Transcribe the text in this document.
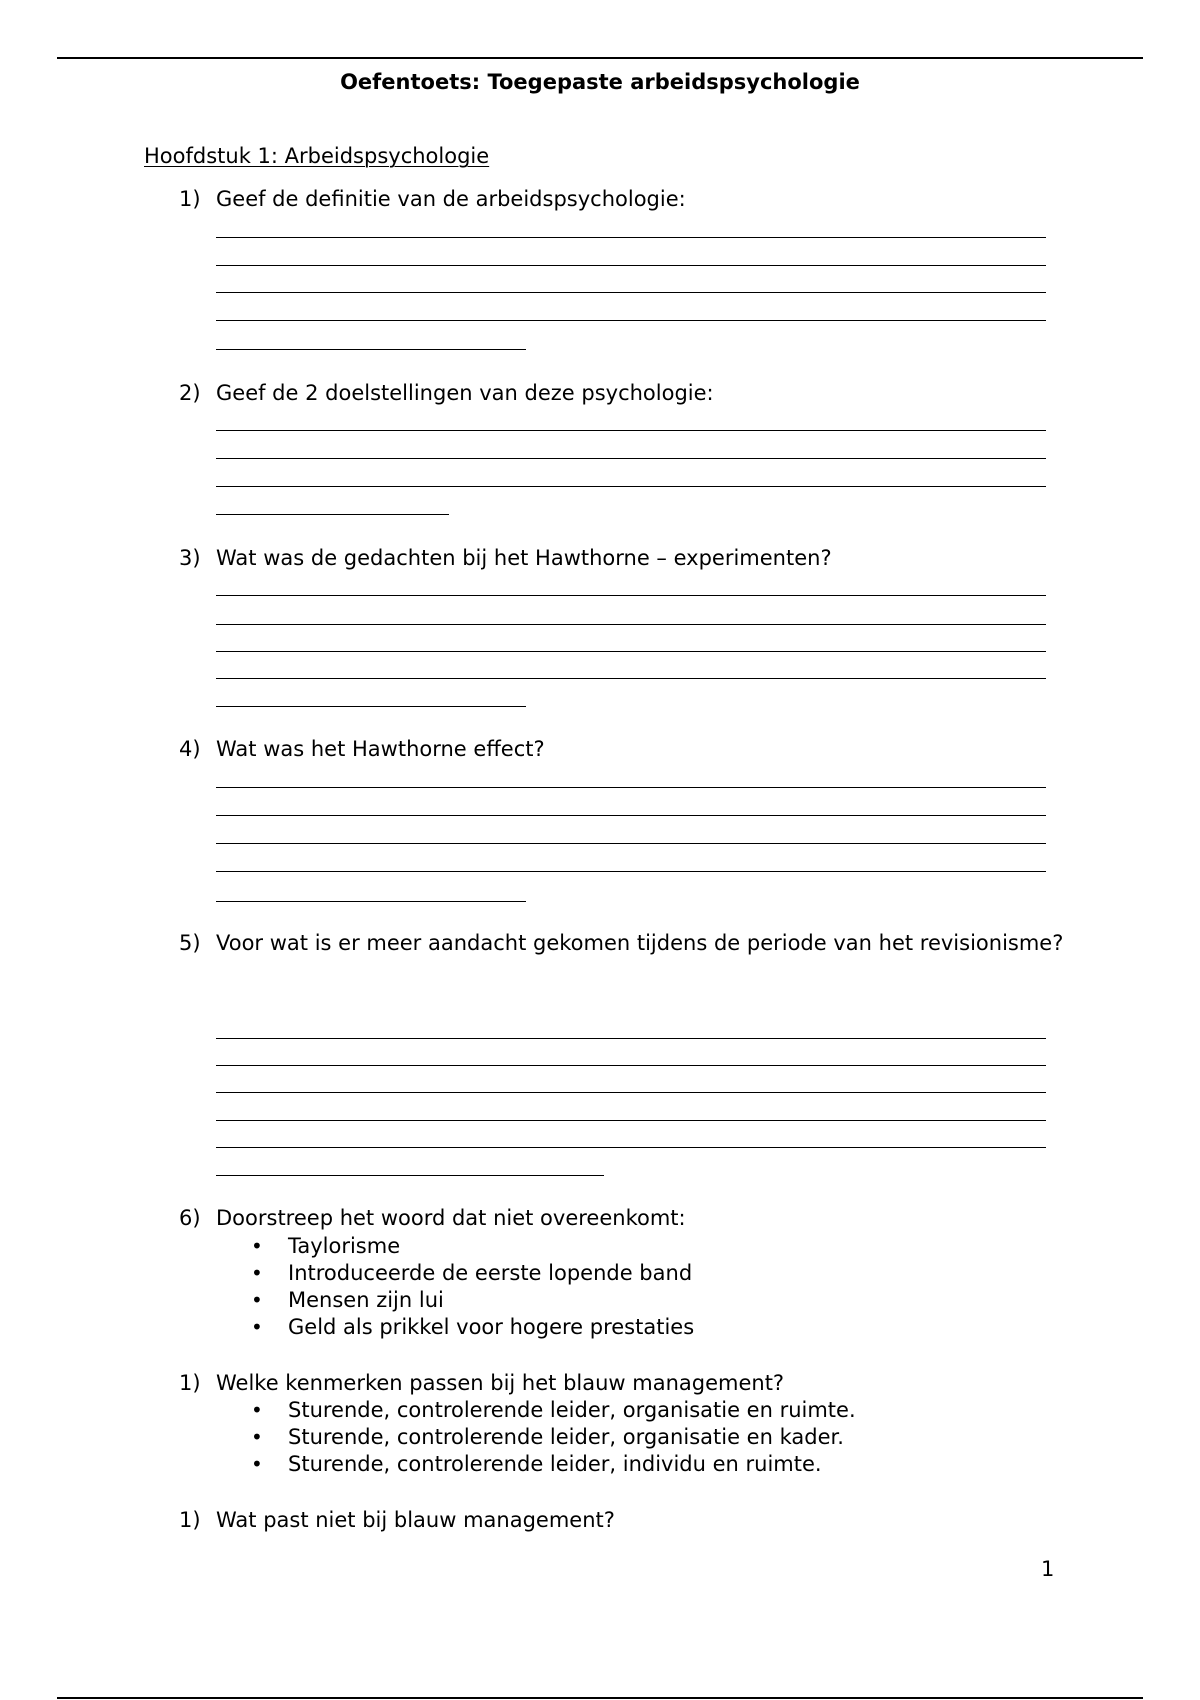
Oefentoets: Toegepaste arbeidspsychologie
Hoofdstuk 1: Arbeidspsychologie
1) Geef de definitie van de arbeidspsychologie:
2) Geef de 2 doelstellingen van deze psychologie:
3) Wat was de gedachten bij het Hawthorne – experimenten?
4) Wat was het Hawthorne effect?
5) Voor wat is er meer aandacht gekomen tijdens de periode van het revisionisme?
6) Doorstreep het woord dat niet overeenkomt:
• Taylorisme
• Introduceerde de eerste lopende band
• Mensen zijn lui
• Geld als prikkel voor hogere prestaties
1) Welke kenmerken passen bij het blauw management?
• Sturende, controlerende leider, organisatie en ruimte.
• Sturende, controlerende leider, organisatie en kader.
• Sturende, controlerende leider, individu en ruimte.
1) Wat past niet bij blauw management?
1
